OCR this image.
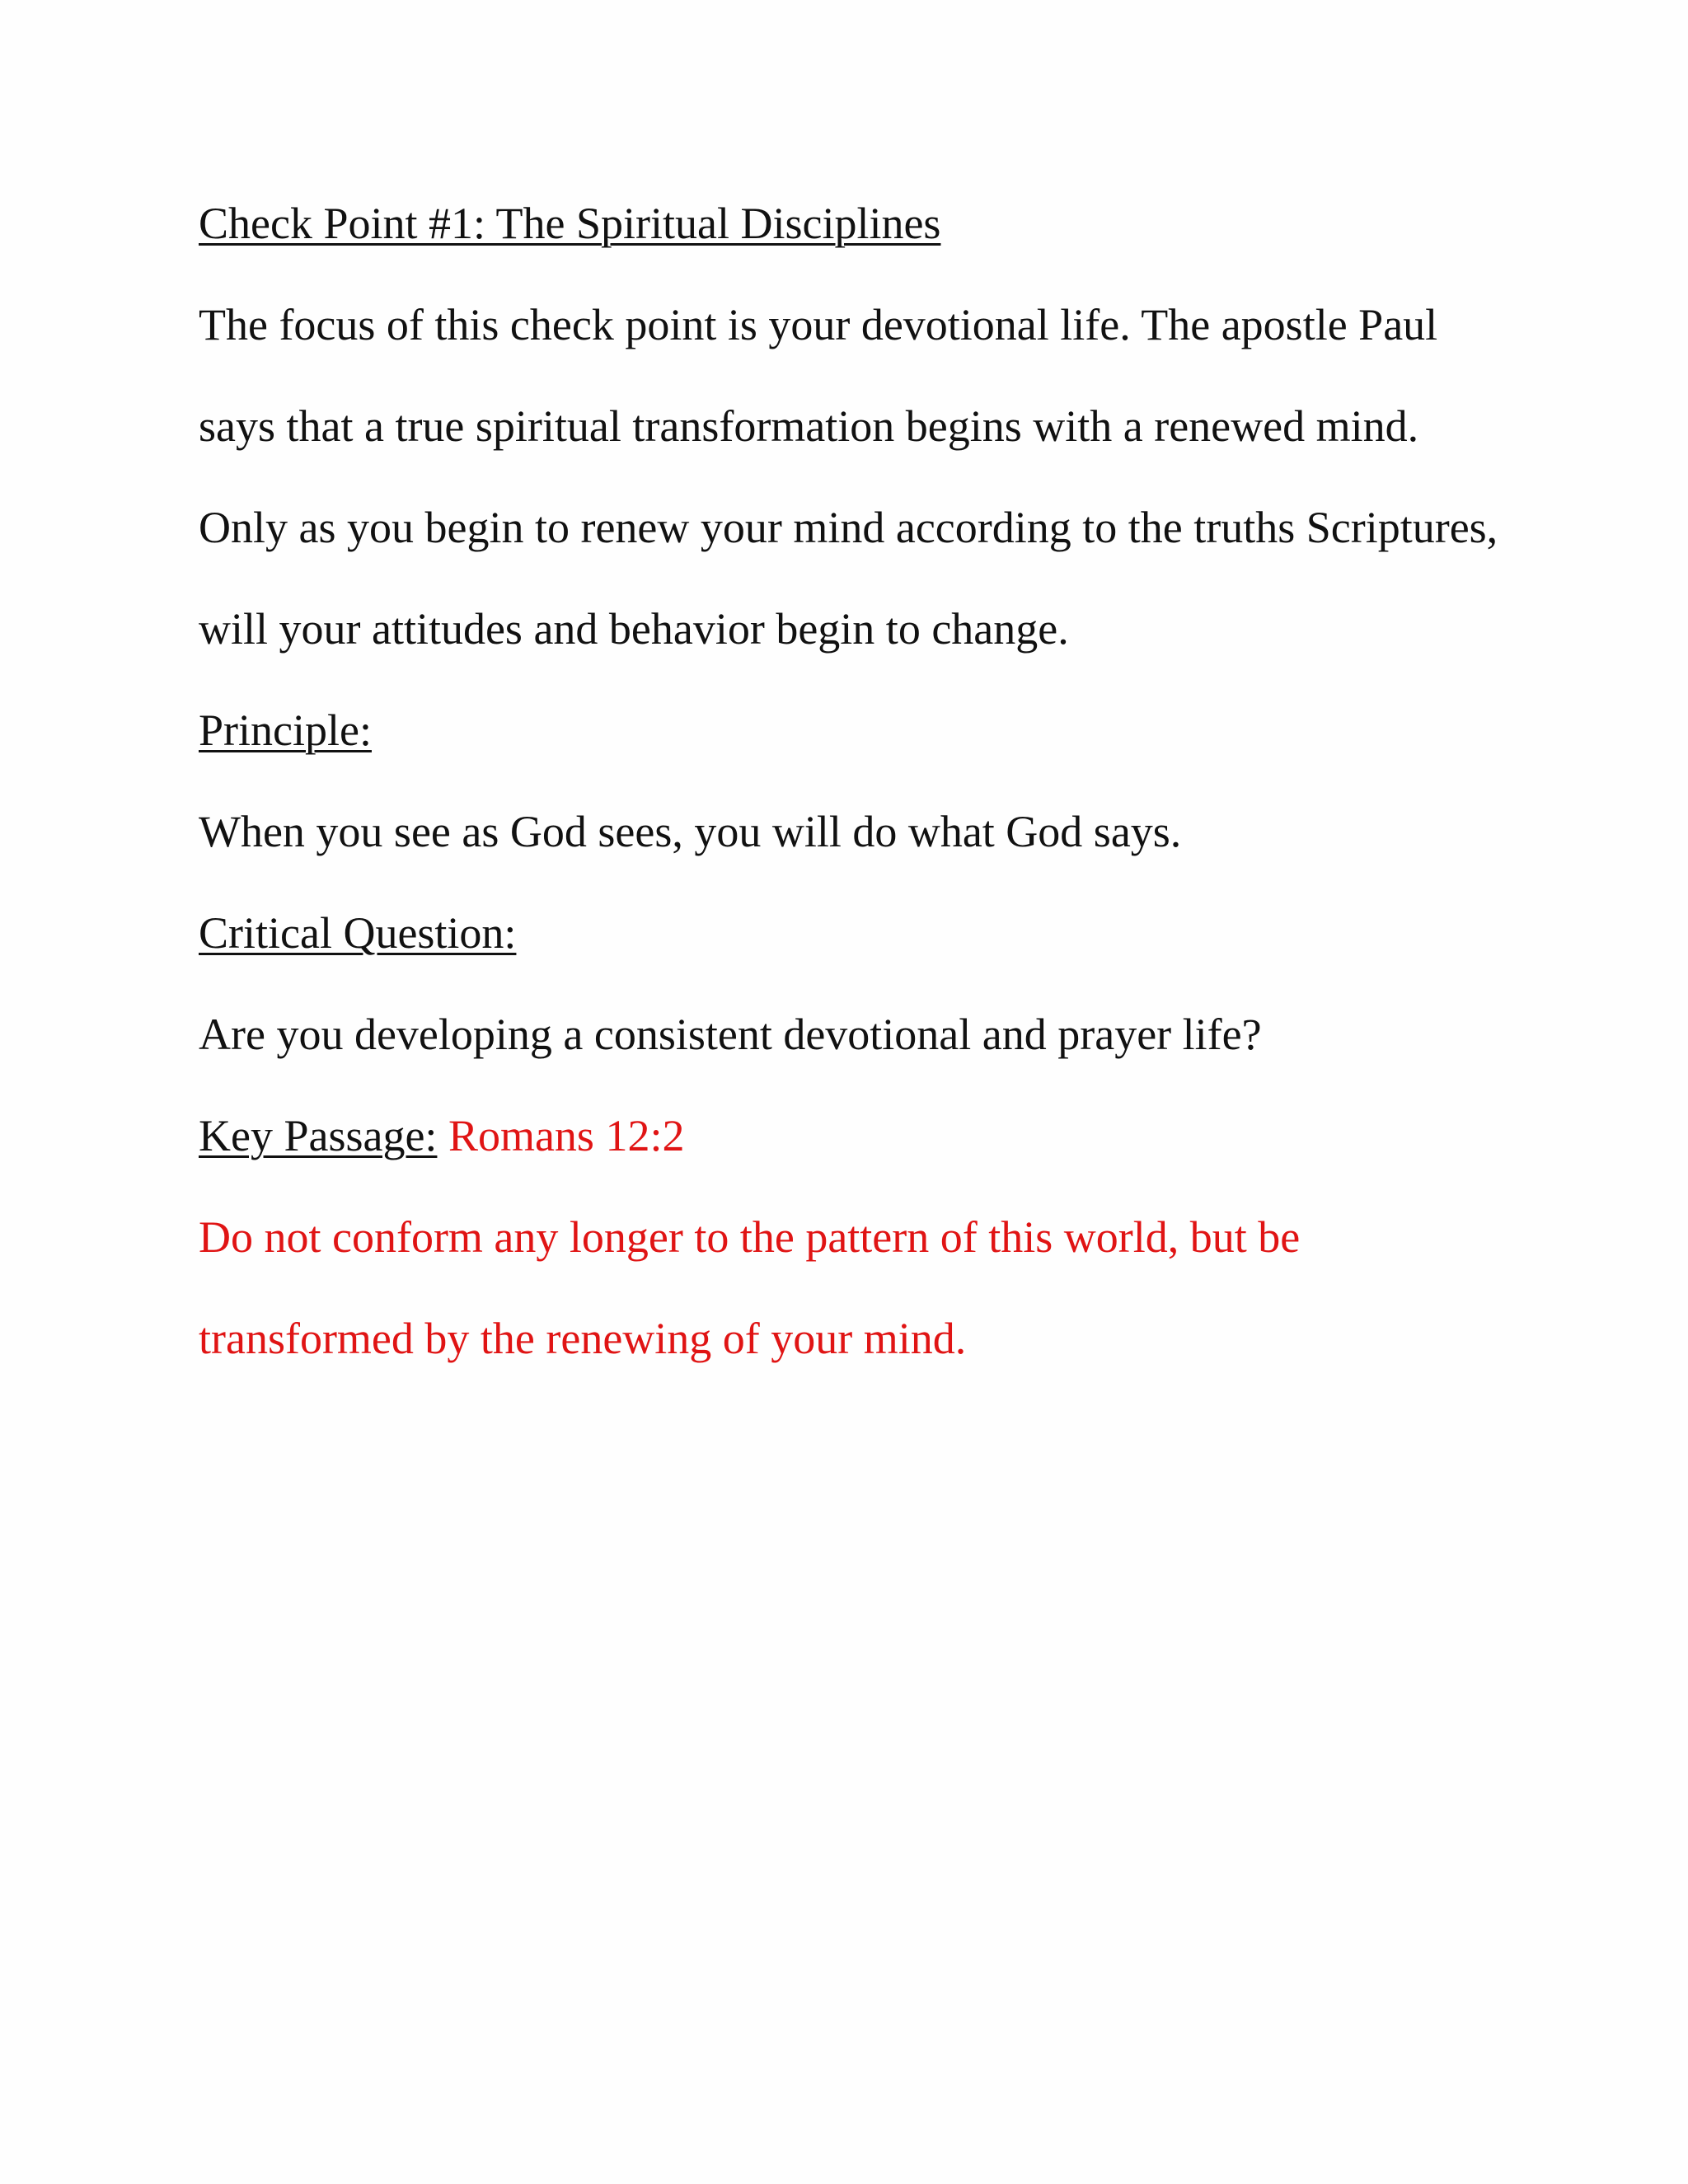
Check Point #1: The Spiritual Disciplines
The focus of this check point is your devotional life. The apostle Paul
says that a true spiritual transformation begins with a renewed mind.
Only as you begin to renew your mind according to the truths Scriptures,
will your attitudes and behavior begin to change.
Principle:
When you see as God sees, you will do what God says.
Critical Question:
Are you developing a consistent devotional and prayer life?
Key Passage: Romans 12:2
Do not conform any longer to the pattern of this world, but be
transformed by the renewing of your mind.
